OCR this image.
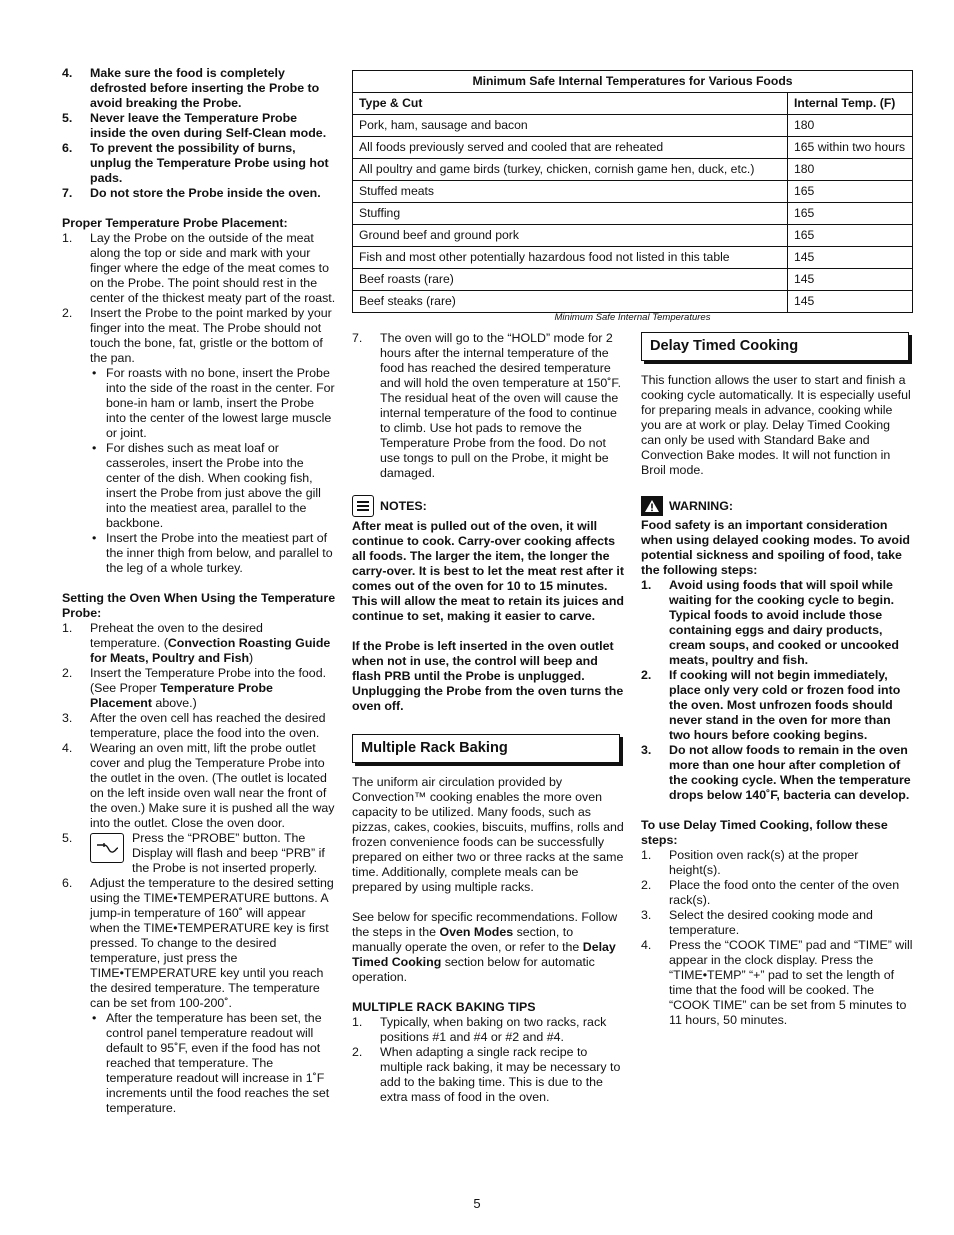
4.	Make sure the food is completely defrosted before inserting the Probe to avoid breaking the Probe.
5.	Never leave the Temperature Probe inside the oven during Self-Clean mode.
6.	To prevent the possibility of burns, unplug the Temperature Probe using hot pads.
7.	Do not store the Probe inside the oven.
Proper Temperature Probe Placement:
1.	Lay the Probe on the outside of the meat along the top or side and mark with your finger where the edge of the meat comes to on the Probe. The point should rest in the center of the thickest meaty part of the roast.
2.	Insert the Probe to the point marked by your finger into the meat. The Probe should not touch the bone, fat, gristle or the bottom of the pan.
• For roasts with no bone, insert the Probe into the side of the roast in the center. For bone-in ham or lamb, insert the Probe into the center of the lowest large muscle or joint.
• For dishes such as meat loaf or casseroles, insert the Probe into the center of the dish. When cooking fish, insert the Probe from just above the gill into the meatiest area, parallel to the backbone.
• Insert the Probe into the meatiest part of the inner thigh from below, and parallel to the leg of a whole turkey.
Setting the Oven When Using the Temperature Probe:
1.	Preheat the oven to the desired temperature. (Convection Roasting Guide for Meats, Poultry and Fish)
2.	Insert the Temperature Probe into the food. (See Proper Temperature Probe Placement above.)
3.	After the oven cell has reached the desired temperature, place the food into the oven.
4.	Wearing an oven mitt, lift the probe outlet cover and plug the Temperature Probe into the outlet in the oven. (The outlet is located on the left inside oven wall near the front of the oven.) Make sure it is pushed all the way into the outlet. Close the oven door.
5.	Press the “PROBE” button. The Display will flash and beep “PRB” if the Probe is not inserted properly.
6.	Adjust the temperature to the desired setting using the TIME•TEMPERATURE buttons. A jump-in temperature of 160˚ will appear when the TIME•TEMPERATURE key is first pressed. To change to the desired temperature, just press the TIME•TEMPERATURE key until you reach the desired temperature. The temperature can be set from 100-200˚.
• After the temperature has been set, the control panel temperature readout will default to 95˚F, even if the food has not reached that temperature. The temperature readout will increase in 1˚F increments until the food reaches the set temperature.
Minimum Safe Internal Temperatures for Various Foods	
Type & Cut	Internal Temp. (F)
Pork, ham, sausage and bacon	180
All foods previously served and cooled that are reheated	165 within two hours
All poultry and game birds (turkey, chicken, cornish game hen, duck, etc.)	180
Stuffed meats	165
Stuffing	165
Ground beef and ground pork	165
Fish and most other potentially hazardous food not listed in this table	145
Beef roasts (rare)	145
Beef steaks (rare)	145
Minimum Safe Internal Temperatures
7.	The oven will go to the “HOLD” mode for 2 hours after the internal temperature of the food has reached the desired temperature and will hold the oven temperature at 150˚F. The residual heat of the oven will cause the internal temperature of the food to continue to climb. Use hot pads to remove the Temperature Probe from the food. Do not use tongs to pull on the Probe, it might be damaged.
NOTES:
After meat is pulled out of the oven, it will continue to cook. Carry-over cooking affects all foods. The larger the item, the longer the carry-over. It is best to let the meat rest after it comes out of the oven for 10 to 15 minutes. This will allow the meat to retain its juices and continue to set, making it easier to carve.
If the Probe is left inserted in the oven outlet when not in use, the control will beep and flash PRB until the Probe is unplugged. Unplugging the Probe from the oven turns the oven off.
Multiple Rack Baking
The uniform air circulation provided by Convection™ cooking enables the more oven capacity to be utilized. Many foods, such as pizzas, cakes, cookies, biscuits, muffins, rolls and frozen convenience foods can be successfully prepared on either two or three racks at the same time. Additionally, complete meals can be prepared by using multiple racks.
See below for specific recommendations. Follow the steps in the Oven Modes section, to manually operate the oven, or refer to the Delay Timed Cooking section below for automatic operation.
MULTIPLE RACK BAKING TIPS
1.	Typically, when baking on two racks, rack positions #1 and #4 or #2 and #4.
2.	When adapting a single rack recipe to multiple rack baking, it may be necessary to add to the baking time. This is due to the extra mass of food in the oven.
Delay Timed Cooking
This function allows the user to start and finish a cooking cycle automatically. It is especially useful for preparing meals in advance, cooking while you are at work or play. Delay Timed Cooking can only be used with Standard Bake and Convection Bake modes. It will not function in Broil mode.
WARNING:
Food safety is an important consideration when using delayed cooking modes. To avoid potential sickness and spoiling of food, take the following steps:
1.	Avoid using foods that will spoil while waiting for the cooking cycle to begin. Typical foods to avoid include those containing eggs and dairy products, cream soups, and cooked or uncooked meats, poultry and fish.
2.	If cooking will not begin immediately, place only very cold or frozen food into the oven. Most unfrozen foods should never stand in the oven for more than two hours before cooking begins.
3.	Do not allow foods to remain in the oven more than one hour after completion of the cooking cycle. When the temperature drops below 140˚F, bacteria can develop.
To use Delay Timed Cooking, follow these steps:
1.	Position oven rack(s) at the proper height(s).
2.	Place the food onto the center of the oven rack(s).
3.	Select the desired cooking mode and temperature.
4.	Press the “COOK TIME” pad and “TIME” will appear in the clock display. Press the “TIME•TEMP” “+” pad to set the length of time that the food will be cooked. The “COOK TIME” can be set from 5 minutes to 11 hours, 50 minutes.
5
